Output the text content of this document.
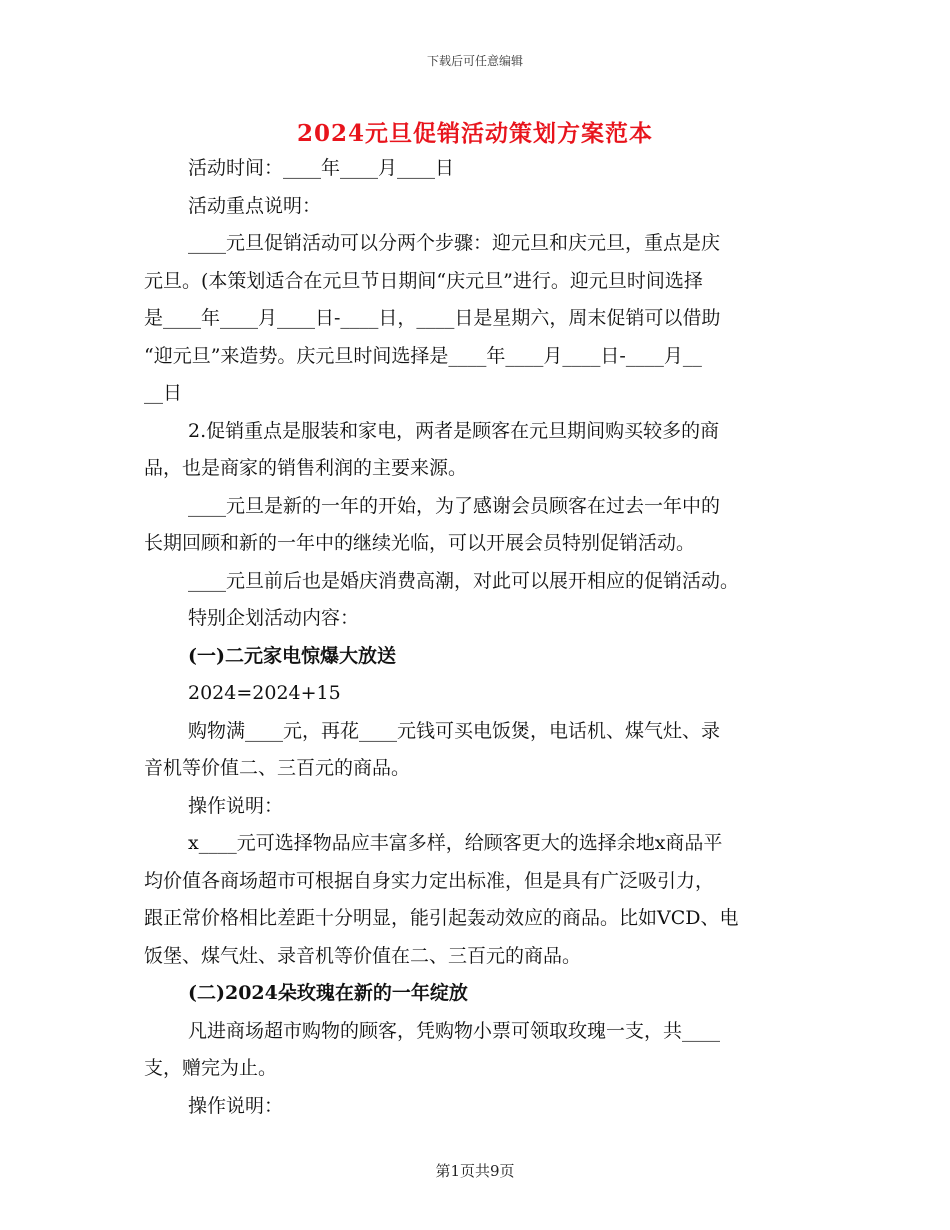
下载后可任意编辑
2024元旦促销活动策划方案范本
活动时间：____年____月____日
活动重点说明：
____元旦促销活动可以分两个步骤：迎元旦和庆元旦，重点是庆
元旦。(本策划适合在元旦节日期间“庆元旦”进行。迎元旦时间选择
是____年____月____日-____日，____日是星期六，周末促销可以借助
“迎元旦”来造势。庆元旦时间选择是____年____月____日-____月__
__日
2.促销重点是服装和家电，两者是顾客在元旦期间购买较多的商
品，也是商家的销售利润的主要来源。
____元旦是新的一年的开始，为了感谢会员顾客在过去一年中的
长期回顾和新的一年中的继续光临，可以开展会员特别促销活动。
____元旦前后也是婚庆消费高潮，对此可以展开相应的促销活动。
特别企划活动内容：
(一)二元家电惊爆大放送
2024=2024+15
购物满____元，再花____元钱可买电饭煲，电话机、煤气灶、录
音机等价值二、三百元的商品。
操作说明：
x____元可选择物品应丰富多样，给顾客更大的选择余地x商品平
均价值各商场超市可根据自身实力定出标准，但是具有广泛吸引力，
跟正常价格相比差距十分明显，能引起轰动效应的商品。比如VCD、电
饭堡、煤气灶、录音机等价值在二、三百元的商品。
(二)2024朵玫瑰在新的一年绽放
凡进商场超市购物的顾客，凭购物小票可领取玫瑰一支，共____
支，赠完为止。
操作说明：
第1页共9页
